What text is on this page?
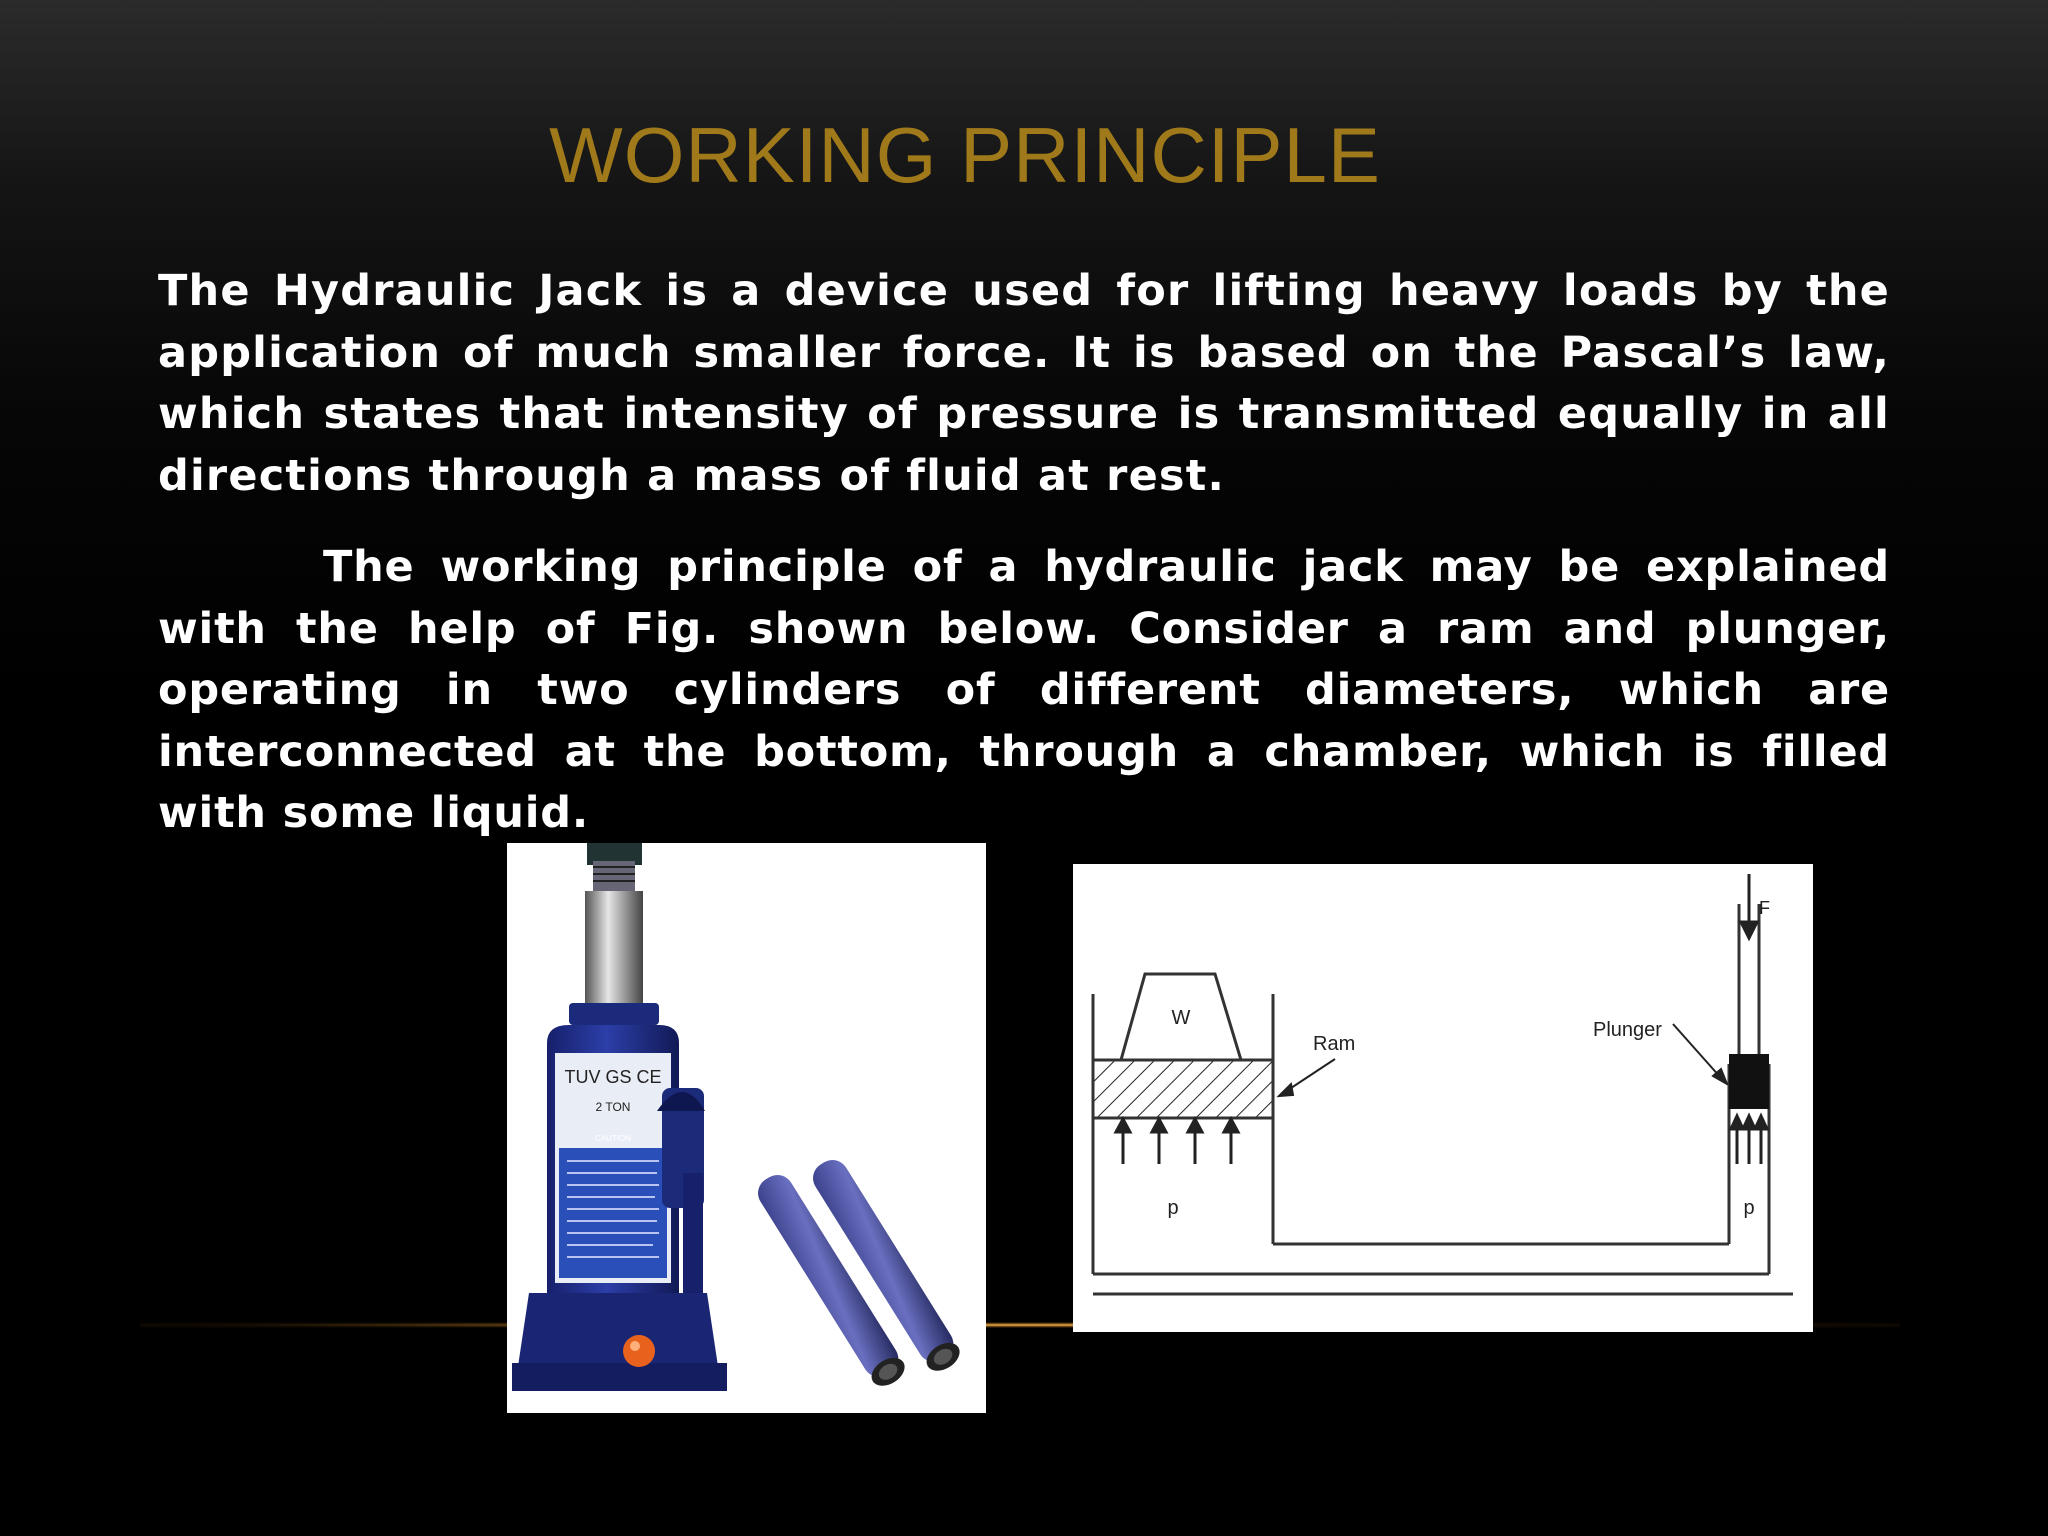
WORKING PRINCIPLE

The Hydraulic Jack is a device used for lifting heavy loads by the application of much smaller force. It is based on the Pascal’s law, which states that intensity of pressure is transmitted equally in all directions through a mass of fluid at rest.

The working principle of a hydraulic jack may be explained with the help of Fig. shown below. Consider a ram and plunger, operating in two cylinders of different diameters, which are interconnected at the bottom, through a chamber, which is filled with some liquid.

TUV GS CE
2 TON
CAUTION
W
Ram
Plunger
F
p	p
